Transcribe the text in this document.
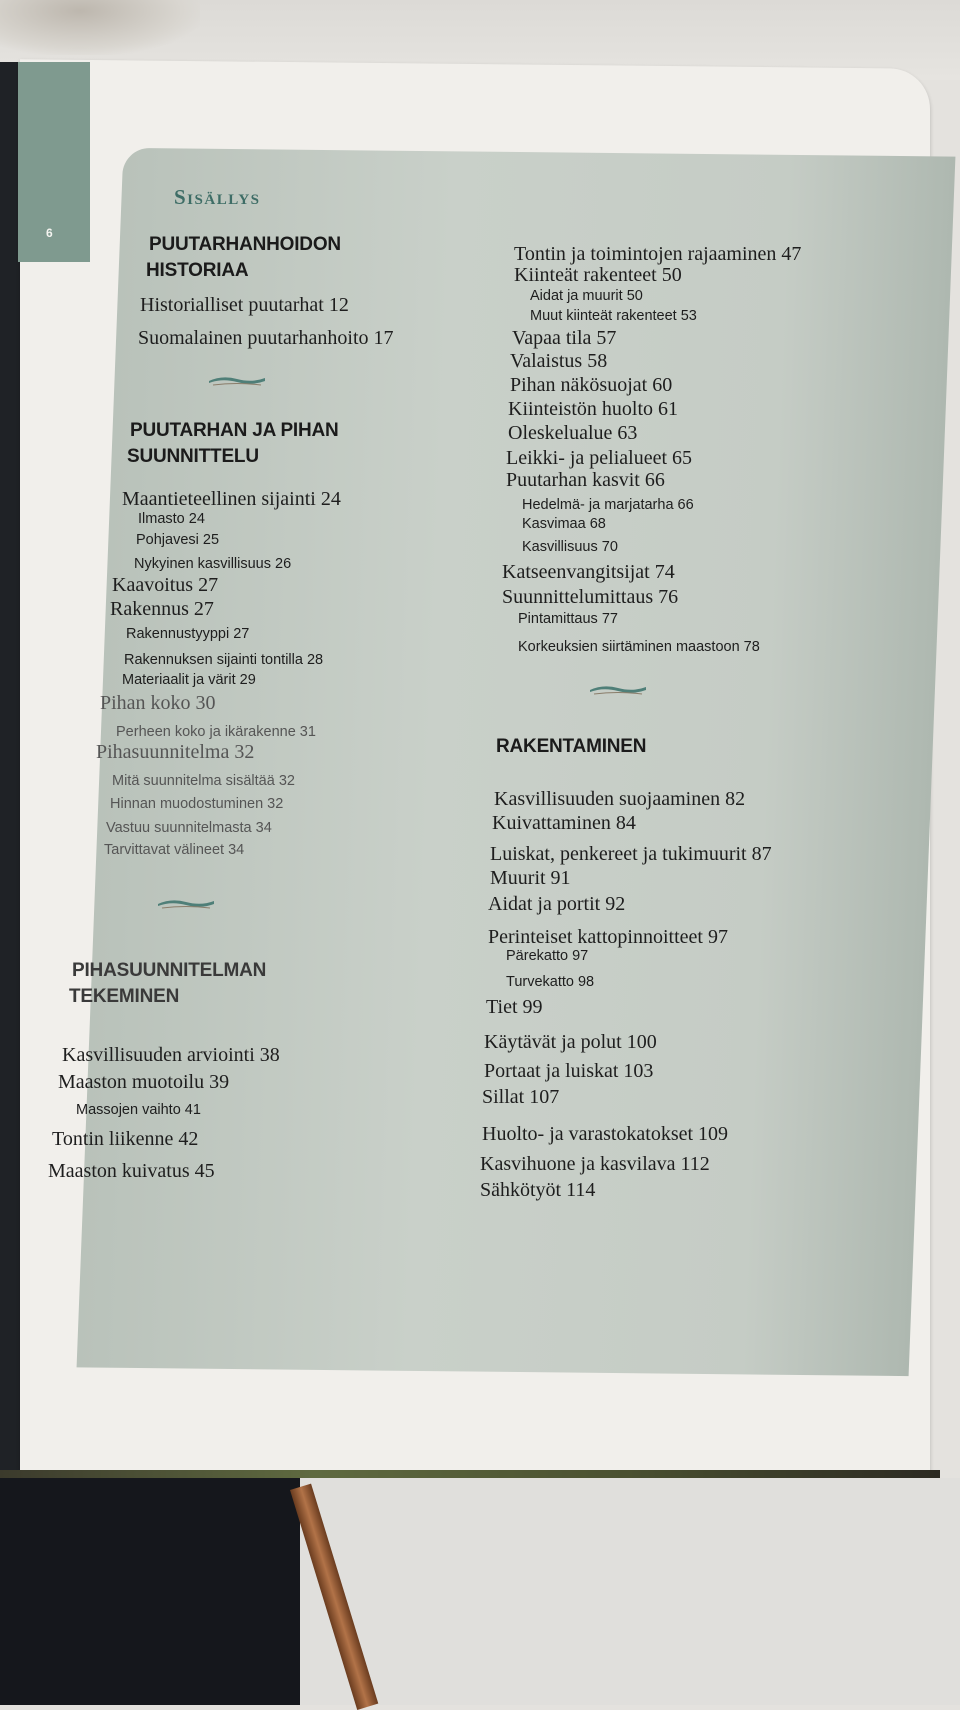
6
Sisällys
PUUTARHANHOIDON
HISTORIAA
Historialliset puutarhat 12
Suomalainen puutarhanhoito 17
PUUTARHAN JA PIHAN
SUUNNITTELU
Maantieteellinen sijainti 24
Ilmasto 24
Pohjavesi 25
Nykyinen kasvillisuus 26
Kaavoitus 27
Rakennus 27
Rakennustyyppi 27
Rakennuksen sijainti tontilla 28
Materiaalit ja värit 29
Pihan koko 30
Perheen koko ja ikärakenne 31
Pihasuunnitelma 32
Mitä suunnitelma sisältää 32
Hinnan muodostuminen 32
Vastuu suunnitelmasta 34
Tarvittavat välineet 34
PIHASUUNNITELMAN
TEKEMINEN
Kasvillisuuden arviointi 38
Maaston muotoilu 39
Massojen vaihto 41
Tontin liikenne 42
Maaston kuivatus 45
Tontin ja toimintojen rajaaminen 47
Kiinteät rakenteet 50
Aidat ja muurit 50
Muut kiinteät rakenteet 53
Vapaa tila 57
Valaistus 58
Pihan näkösuojat 60
Kiinteistön huolto 61
Oleskelualue 63
Leikki- ja pelialueet 65
Puutarhan kasvit 66
Hedelmä- ja marjatarha 66
Kasvimaa 68
Kasvillisuus 70
Katseenvangitsijat 74
Suunnittelumittaus 76
Pintamittaus 77
Korkeuksien siirtäminen maastoon 78
RAKENTAMINEN
Kasvillisuuden suojaaminen 82
Kuivattaminen 84
Luiskat, penkereet ja tukimuurit 87
Muurit 91
Aidat ja portit 92
Perinteiset kattopinnoitteet 97
Pärekatto 97
Turvekatto 98
Tiet 99
Käytävät ja polut 100
Portaat ja luiskat 103
Sillat 107
Huolto- ja varastokatokset 109
Kasvihuone ja kasvilava 112
Sähkötyöt 114
